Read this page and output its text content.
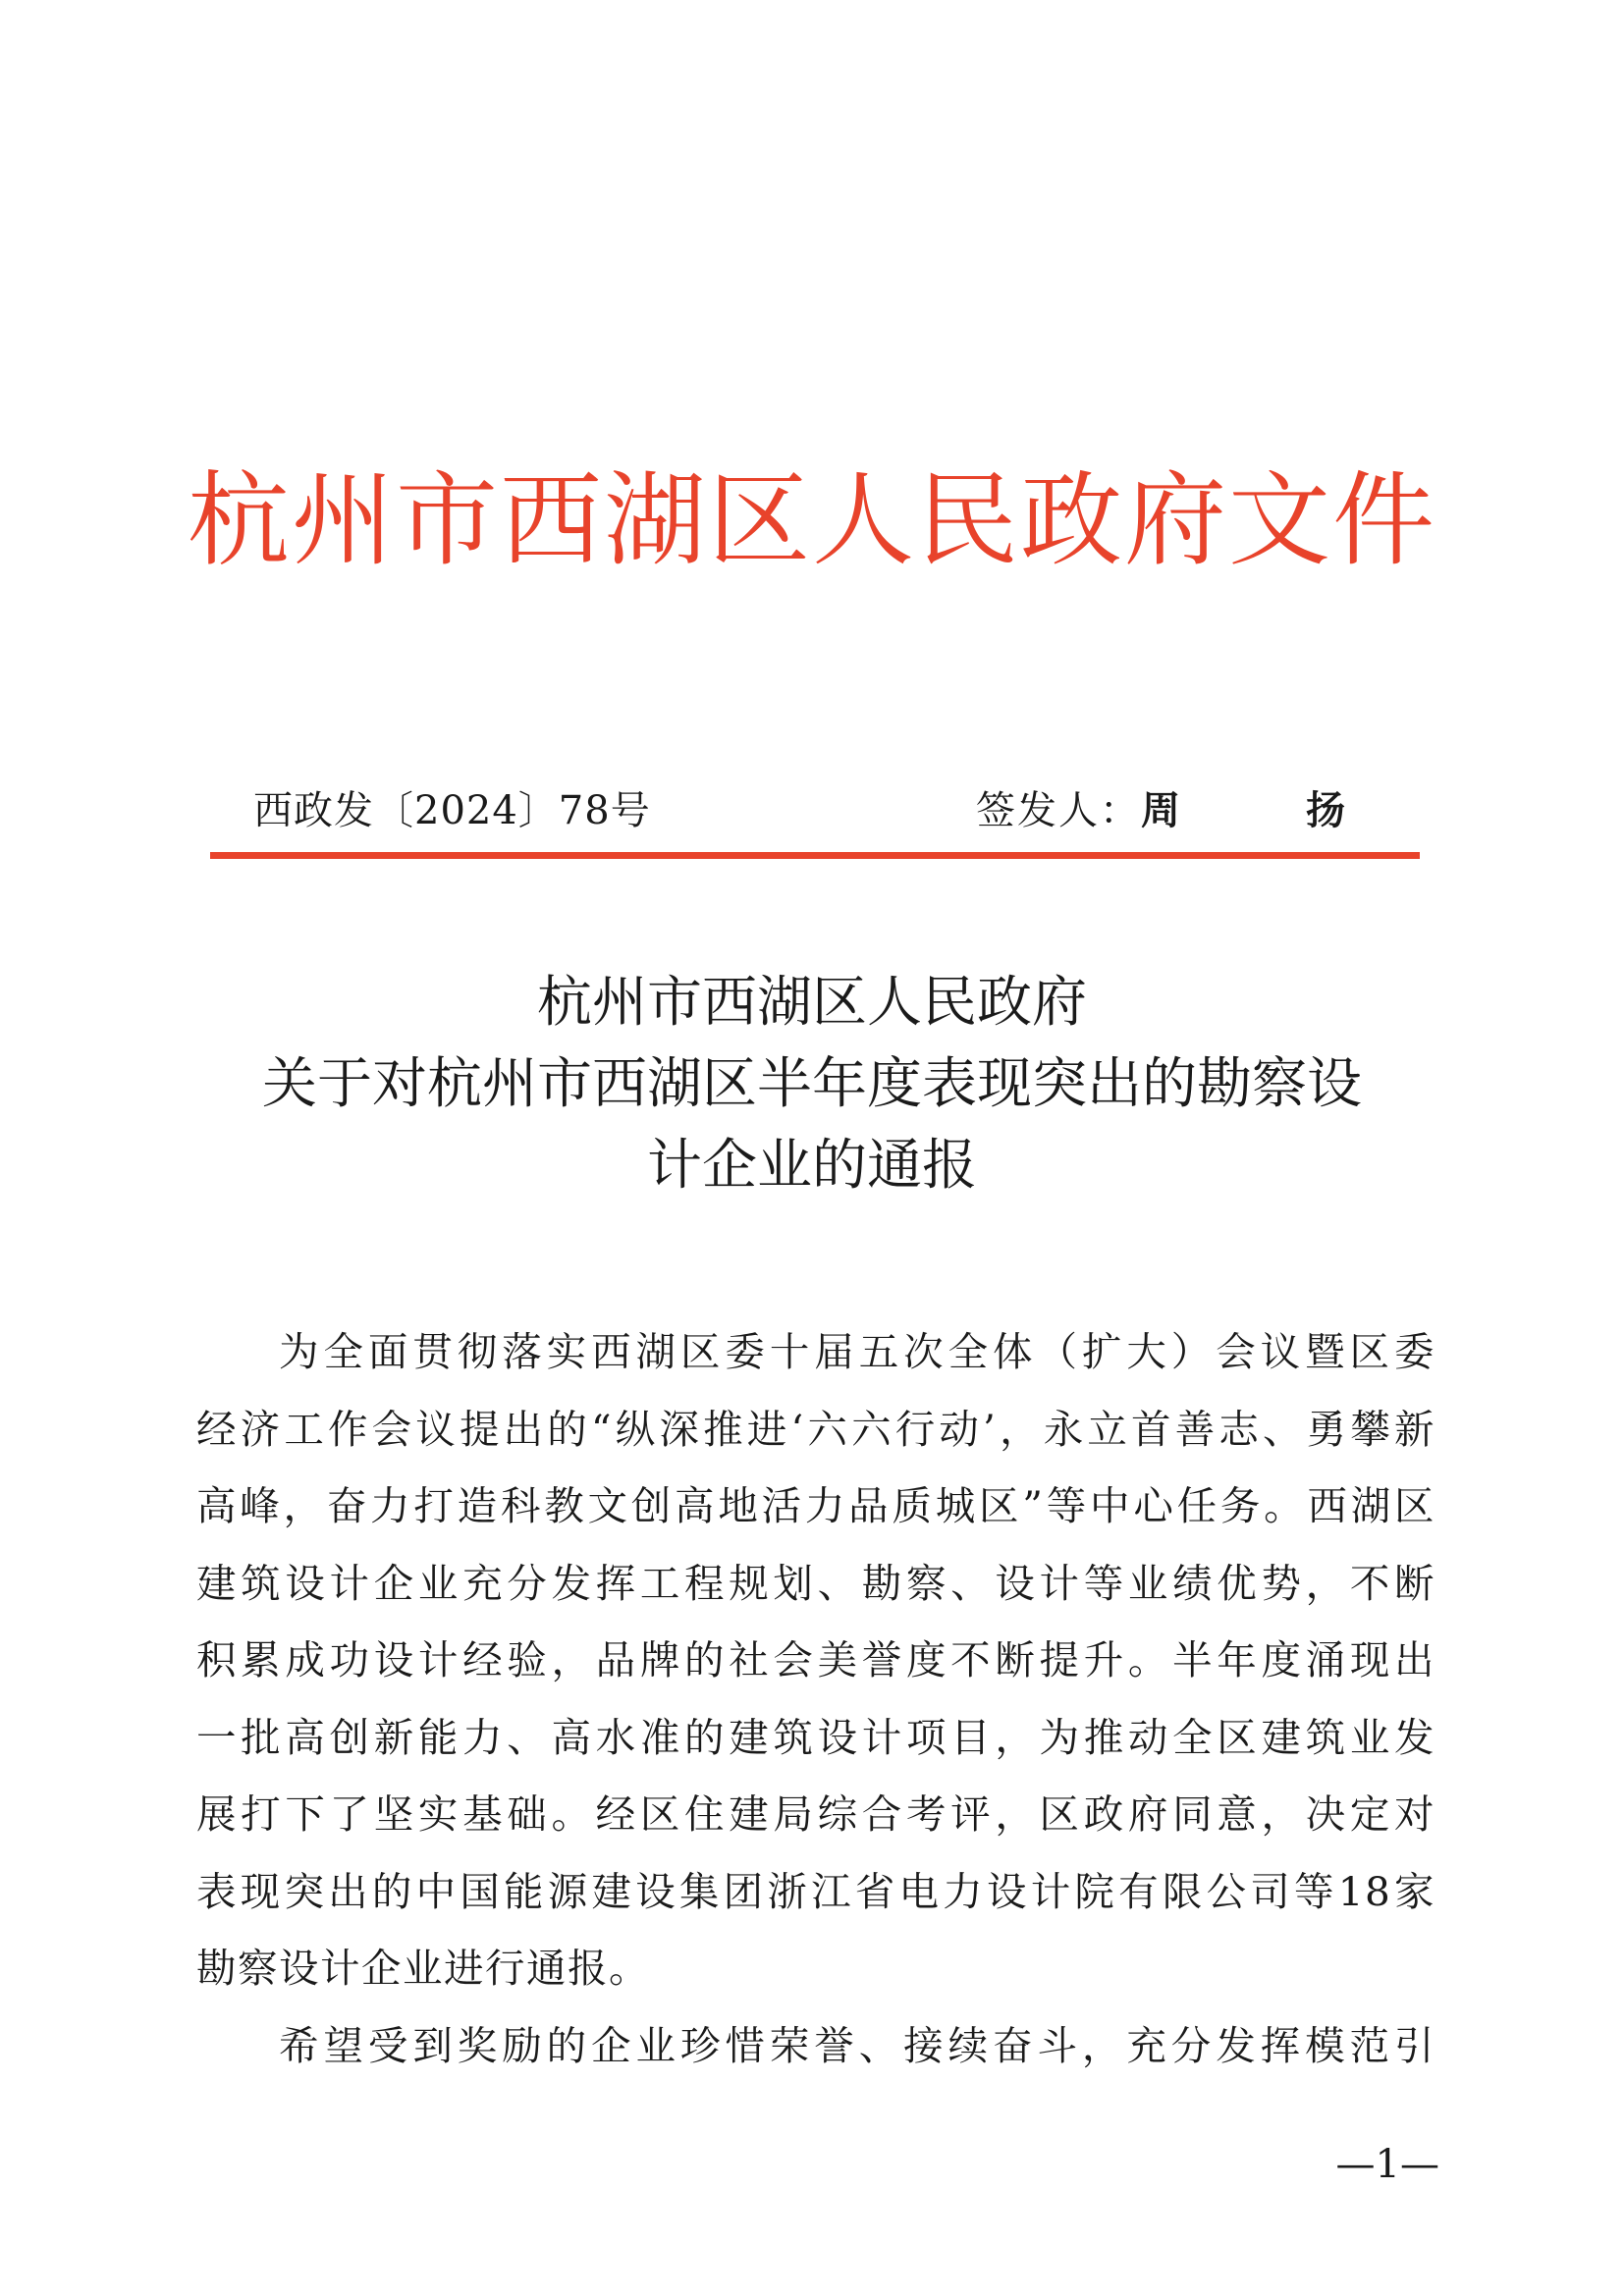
杭州市西湖区人民政府文件
西政发〔2024〕78号	签发人：周　扬
杭州市西湖区人民政府
关于对杭州市西湖区半年度表现突出的勘察设
计企业的通报
为全面贯彻落实西湖区委十届五次全体（扩大）会议暨区委
经济工作会议提出的“纵深推进‘六六行动’，永立首善志、勇攀新
高峰，奋力打造科教文创高地活力品质城区”等中心任务。西湖区
建筑设计企业充分发挥工程规划、勘察、设计等业绩优势，不断
积累成功设计经验，品牌的社会美誉度不断提升。半年度涌现出
一批高创新能力、高水准的建筑设计项目，为推动全区建筑业发
展打下了坚实基础。经区住建局综合考评，区政府同意，决定对
表现突出的中国能源建设集团浙江省电力设计院有限公司等18家
勘察设计企业进行通报。
希望受到奖励的企业珍惜荣誉、接续奋斗，充分发挥模范引
—1—
